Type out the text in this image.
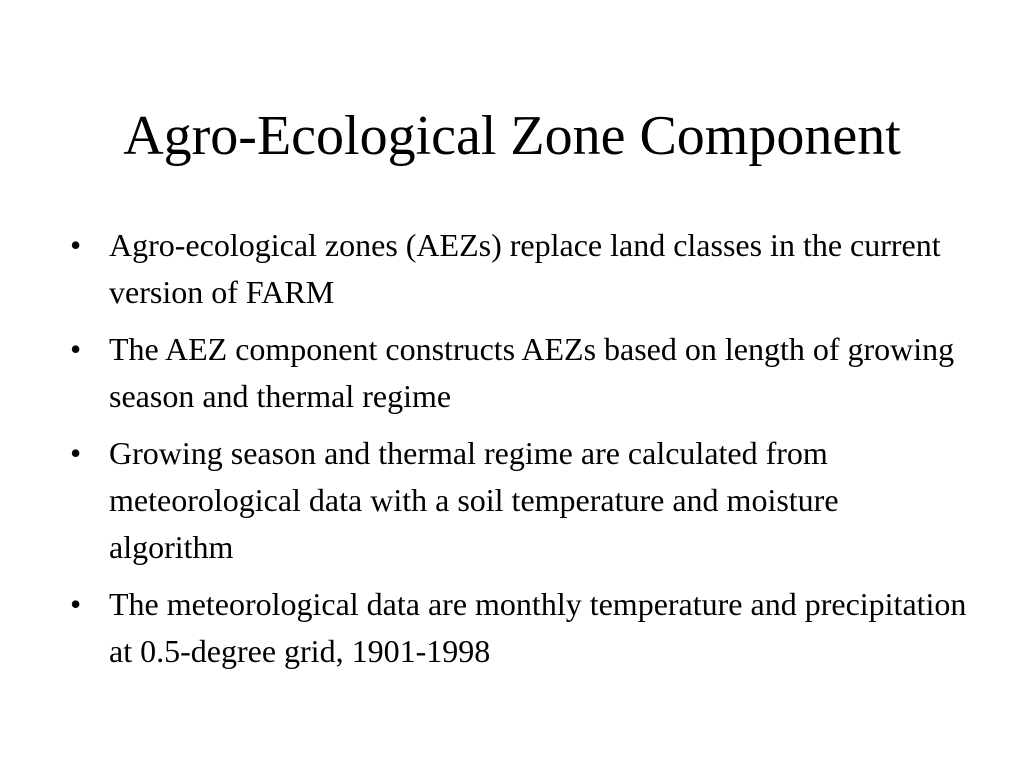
Agro-Ecological Zone Component
• Agro-ecological zones (AEZs) replace land classes in the current version of FARM
• The AEZ component constructs AEZs based on length of growing season and thermal regime
• Growing season and thermal regime are calculated from meteorological data with a soil temperature and moisture algorithm
• The meteorological data are monthly temperature and precipitation at 0.5-degree grid, 1901-1998
